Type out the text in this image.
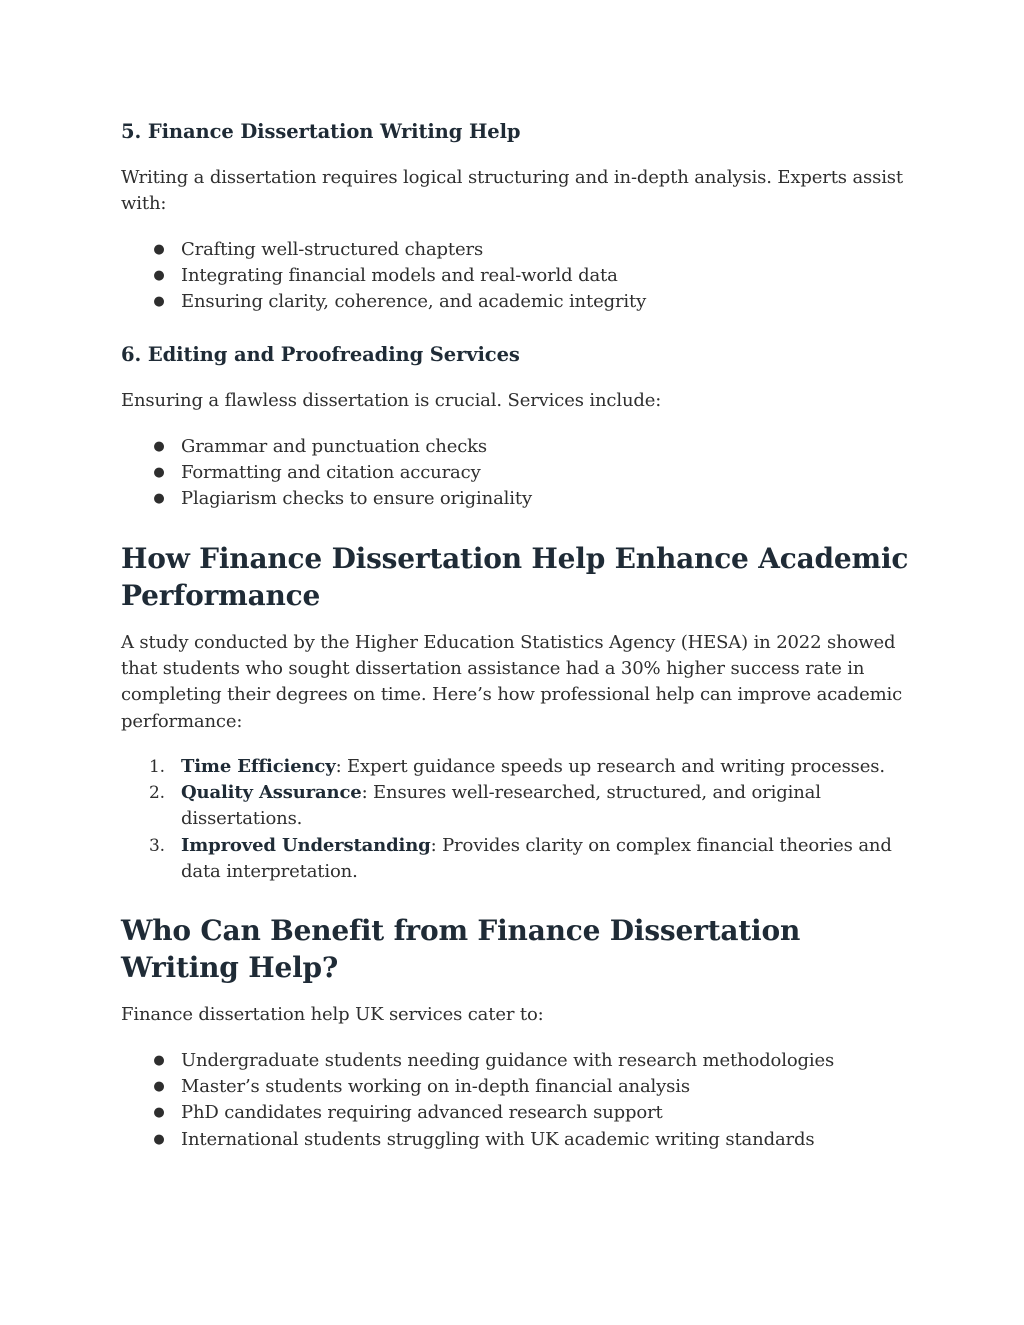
5. Finance Dissertation Writing Help

Writing a dissertation requires logical structuring and in-depth analysis. Experts assist with:

● Crafting well-structured chapters
● Integrating financial models and real-world data
● Ensuring clarity, coherence, and academic integrity
6. Editing and Proofreading Services

Ensuring a flawless dissertation is crucial. Services include:

● Grammar and punctuation checks
● Formatting and citation accuracy
● Plagiarism checks to ensure originality
How Finance Dissertation Help Enhance Academic Performance

A study conducted by the Higher Education Statistics Agency (HESA) in 2022 showed that students who sought dissertation assistance had a 30% higher success rate in completing their degrees on time. Here’s how professional help can improve academic performance:

1. Time Efficiency: Expert guidance speeds up research and writing processes.
2. Quality Assurance: Ensures well-researched, structured, and original dissertations.
3. Improved Understanding: Provides clarity on complex financial theories and data interpretation.
Who Can Benefit from Finance Dissertation Writing Help?

Finance dissertation help UK services cater to:

● Undergraduate students needing guidance with research methodologies
● Master’s students working on in-depth financial analysis
● PhD candidates requiring advanced research support
● International students struggling with UK academic writing standards
